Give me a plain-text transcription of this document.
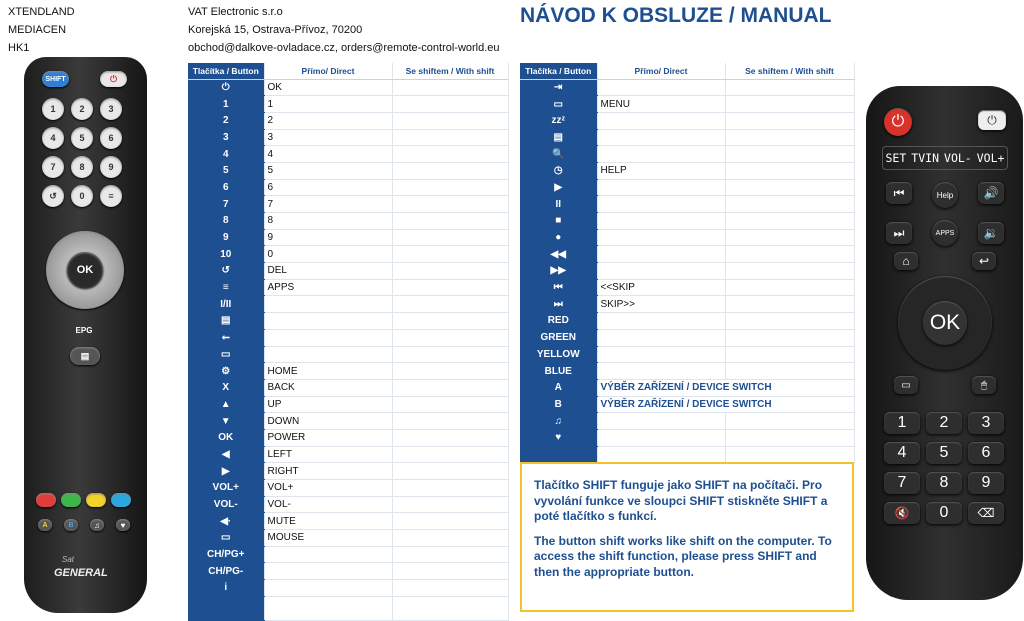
XTENDLAND
MEDIACEN
HK1
VAT Electronic s.r.o
Korejská 15, Ostrava-Přívoz, 70200
obchod@dalkove-ovladace.cz, orders@remote-control-world.eu
NÁVOD K OBSLUZE / MANUAL
SHIFT	⏻
1	2	3
4	5	6
7	8	9
↺	0	≡
OK
EPG
▤
A	B	♫	♥
Sat
GENERAL
Tlačítka / Button	Přímo/ Direct	Se shiftem / With shift
⏻	OK	
1	1	
2	2	
3	3	
4	4	
5	5	
6	6	
7	7	
8	8	
9	9	
10	0	
↺	DEL	
≡	APPS	
I/II		
▤		
⭠		
▭		
⚙	HOME	
X	BACK	
▲	UP	
▼	DOWN	
OK	POWER	
◀	LEFT	
▶	RIGHT	
VOL+	VOL+	
VOL-	VOL-	
◀·	MUTE	
▭	MOUSE	
CH/PG+		
CH/PG-		
i		

Tlačítka / Button	Přímo/ Direct	Se shiftem / With shift
⇥		
▭	MENU	
zzᶻ		
▤		
🔍		
◷	HELP	
▶		
II		
■		
●		
◀◀		
▶▶		
⏮	<<SKIP	
⏭	SKIP>>	
RED		
GREEN		
YELLOW		
BLUE		
A	VÝBĚR ZAŘÍZENÍ / DEVICE SWITCH	
B	VÝBĚR ZAŘÍZENÍ / DEVICE SWITCH	
♫		
♥		

Tlačítko SHIFT funguje jako SHIFT na počítači. Pro vyvolání funkce ve sloupci SHIFT stiskněte SHIFT a poté tlačítko s funkcí.

The button shift works like shift on the computer. To access the shift function, please press SHIFT and then the appropriate button.

⏻	⏻
SET TVIN VOL- VOL+
⏮	Help	🔊
⏭	APPS	🔉
⌂	↩
OK
▭	🖱
1	2	3
4	5	6
7	8	9
🔇	0	⌫
